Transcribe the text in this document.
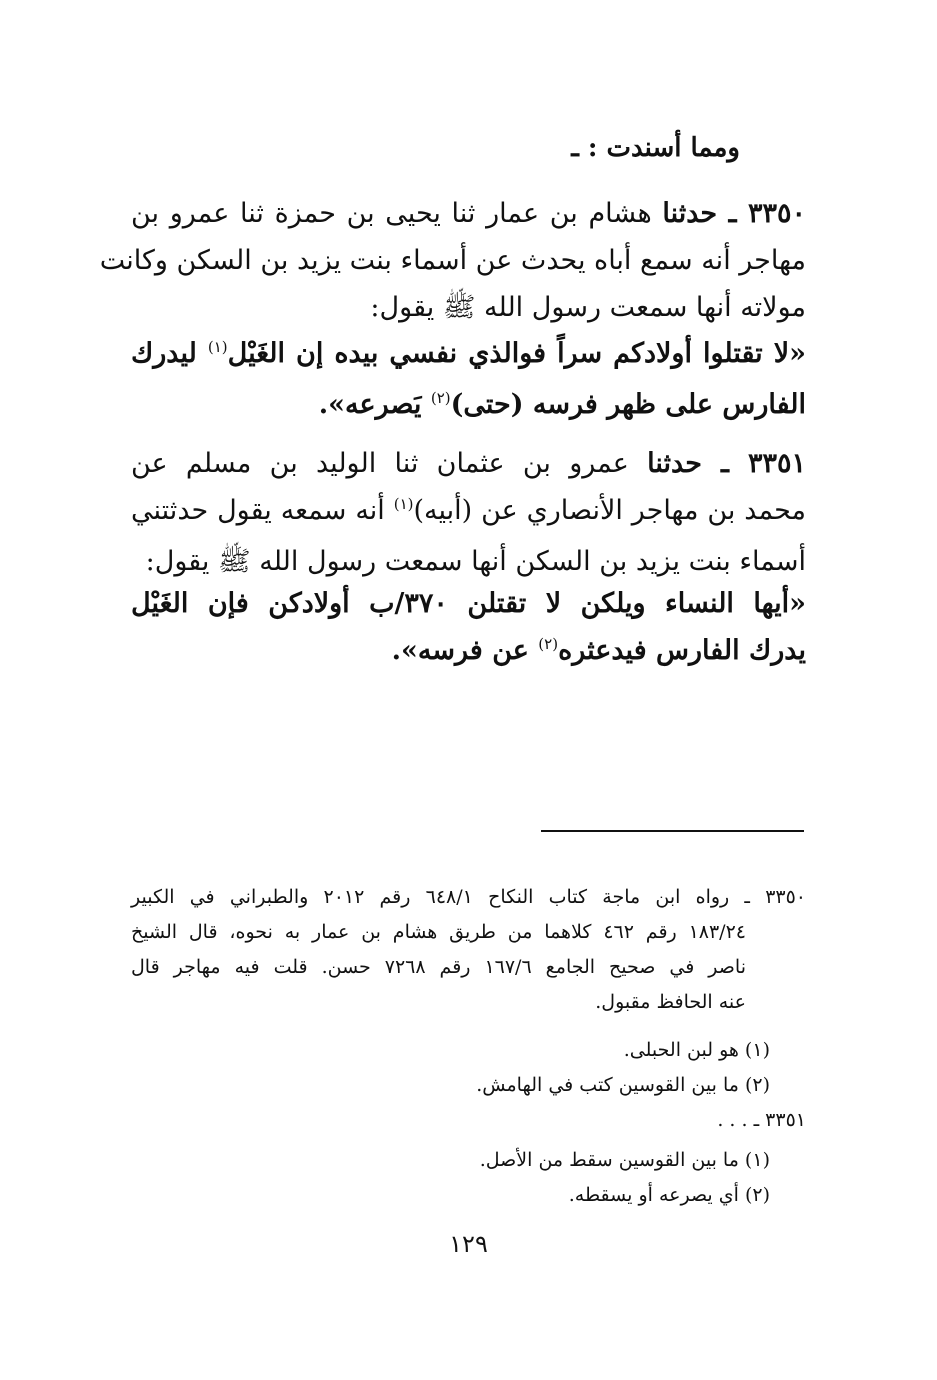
ومما أسندت : ـ
٣٣٥٠ ـ حدثنا هشام بن عمار ثنا يحيى بن حمزة ثنا عمرو بن
مهاجر أنه سمع أباه يحدث عن أسماء بنت يزيد بن السكن وكانت
مولاته أنها سمعت رسول الله ﷺ يقول:
«لا تقتلوا أولادكم سراً فوالذي نفسي بيده إن الغَيْل$^{(١)}$ ليدرك
الفارس على ظهر فرسه (حتى)$^{(٢)}$ يَصرعه».
٣٣٥١ ـ حدثنا عمرو بن عثمان ثنا الوليد بن مسلم عن
محمد بن مهاجر الأنصاري عن (أبيه)$^{(١)}$ أنه سمعه يقول حدثتني
أسماء بنت يزيد بن السكن أنها سمعت رسول الله ﷺ يقول:
«أيها النساء ويلكن لا تقتلن ٣٧٠/ب أولادكن فإن الغَيْل
يدرك الفارس فيدعثره$^{(٢)}$ عن فرسه».
٣٣٥٠ ـ رواه ابن ماجة كتاب النكاح ٦٤٨/١ رقم ٢٠١٢ والطبراني في الكبير
١٨٣/٢٤ رقم ٤٦٢ كلاهما من طريق هشام بن عمار به نحوه، قال الشيخ
ناصر في صحيح الجامع ١٦٧/٦ رقم ٧٢٦٨ حسن. قلت فيه مهاجر قال
عنه الحافظ مقبول.
(١) هو لبن الحبلى.
(٢) ما بين القوسين كتب في الهامش.
٣٣٥١ ـ . . .
(١) ما بين القوسين سقط من الأصل.
(٢) أي يصرعه أو يسقطه.
١٢٩
